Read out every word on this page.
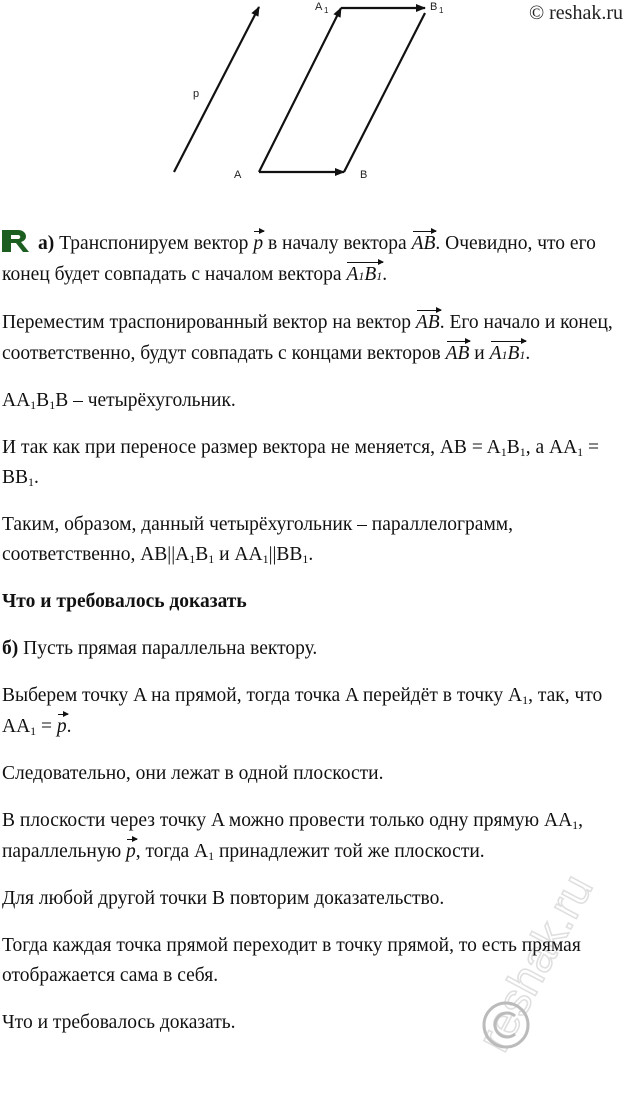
© reshak.ru
p
A	B
A 1	B 1

а) Транспонируем вектор p в началу вектора AB. Очевидно, что его конец будет совпадать с началом вектора A1B1.

Переместим траспонированный вектор на вектор AB. Его начало и конец, соответственно, будут совпадать с концами векторов AB и A1B1.

$AA_1B_1B$ – четырёхугольник.

И так как при переносе размер вектора не меняется, AB = $A_1B_1$, а $AA_1 = BB_1$.

Таким, образом, данный четырёхугольник – параллелограмм, соответственно, $AB||A_1B_1$ и $AA_1||BB_1$.

Что и требовалось доказать

б) Пусть прямая параллельна вектору.

Выберем точку A на прямой, тогда точка A перейдёт в точку $A_1$, так, что $AA_1 = p$.

Следовательно, они лежат в одной плоскости.

В плоскости через точку A можно провести только одну прямую $AA_1$, параллельную p, тогда $A_1$ принадлежит той же плоскости.

Для любой другой точки B повторим доказательство.

Тогда каждая точка прямой переходит в точку прямой, то есть прямая отображается сама в себя.

Что и требовалось доказать.	reshak.ru
